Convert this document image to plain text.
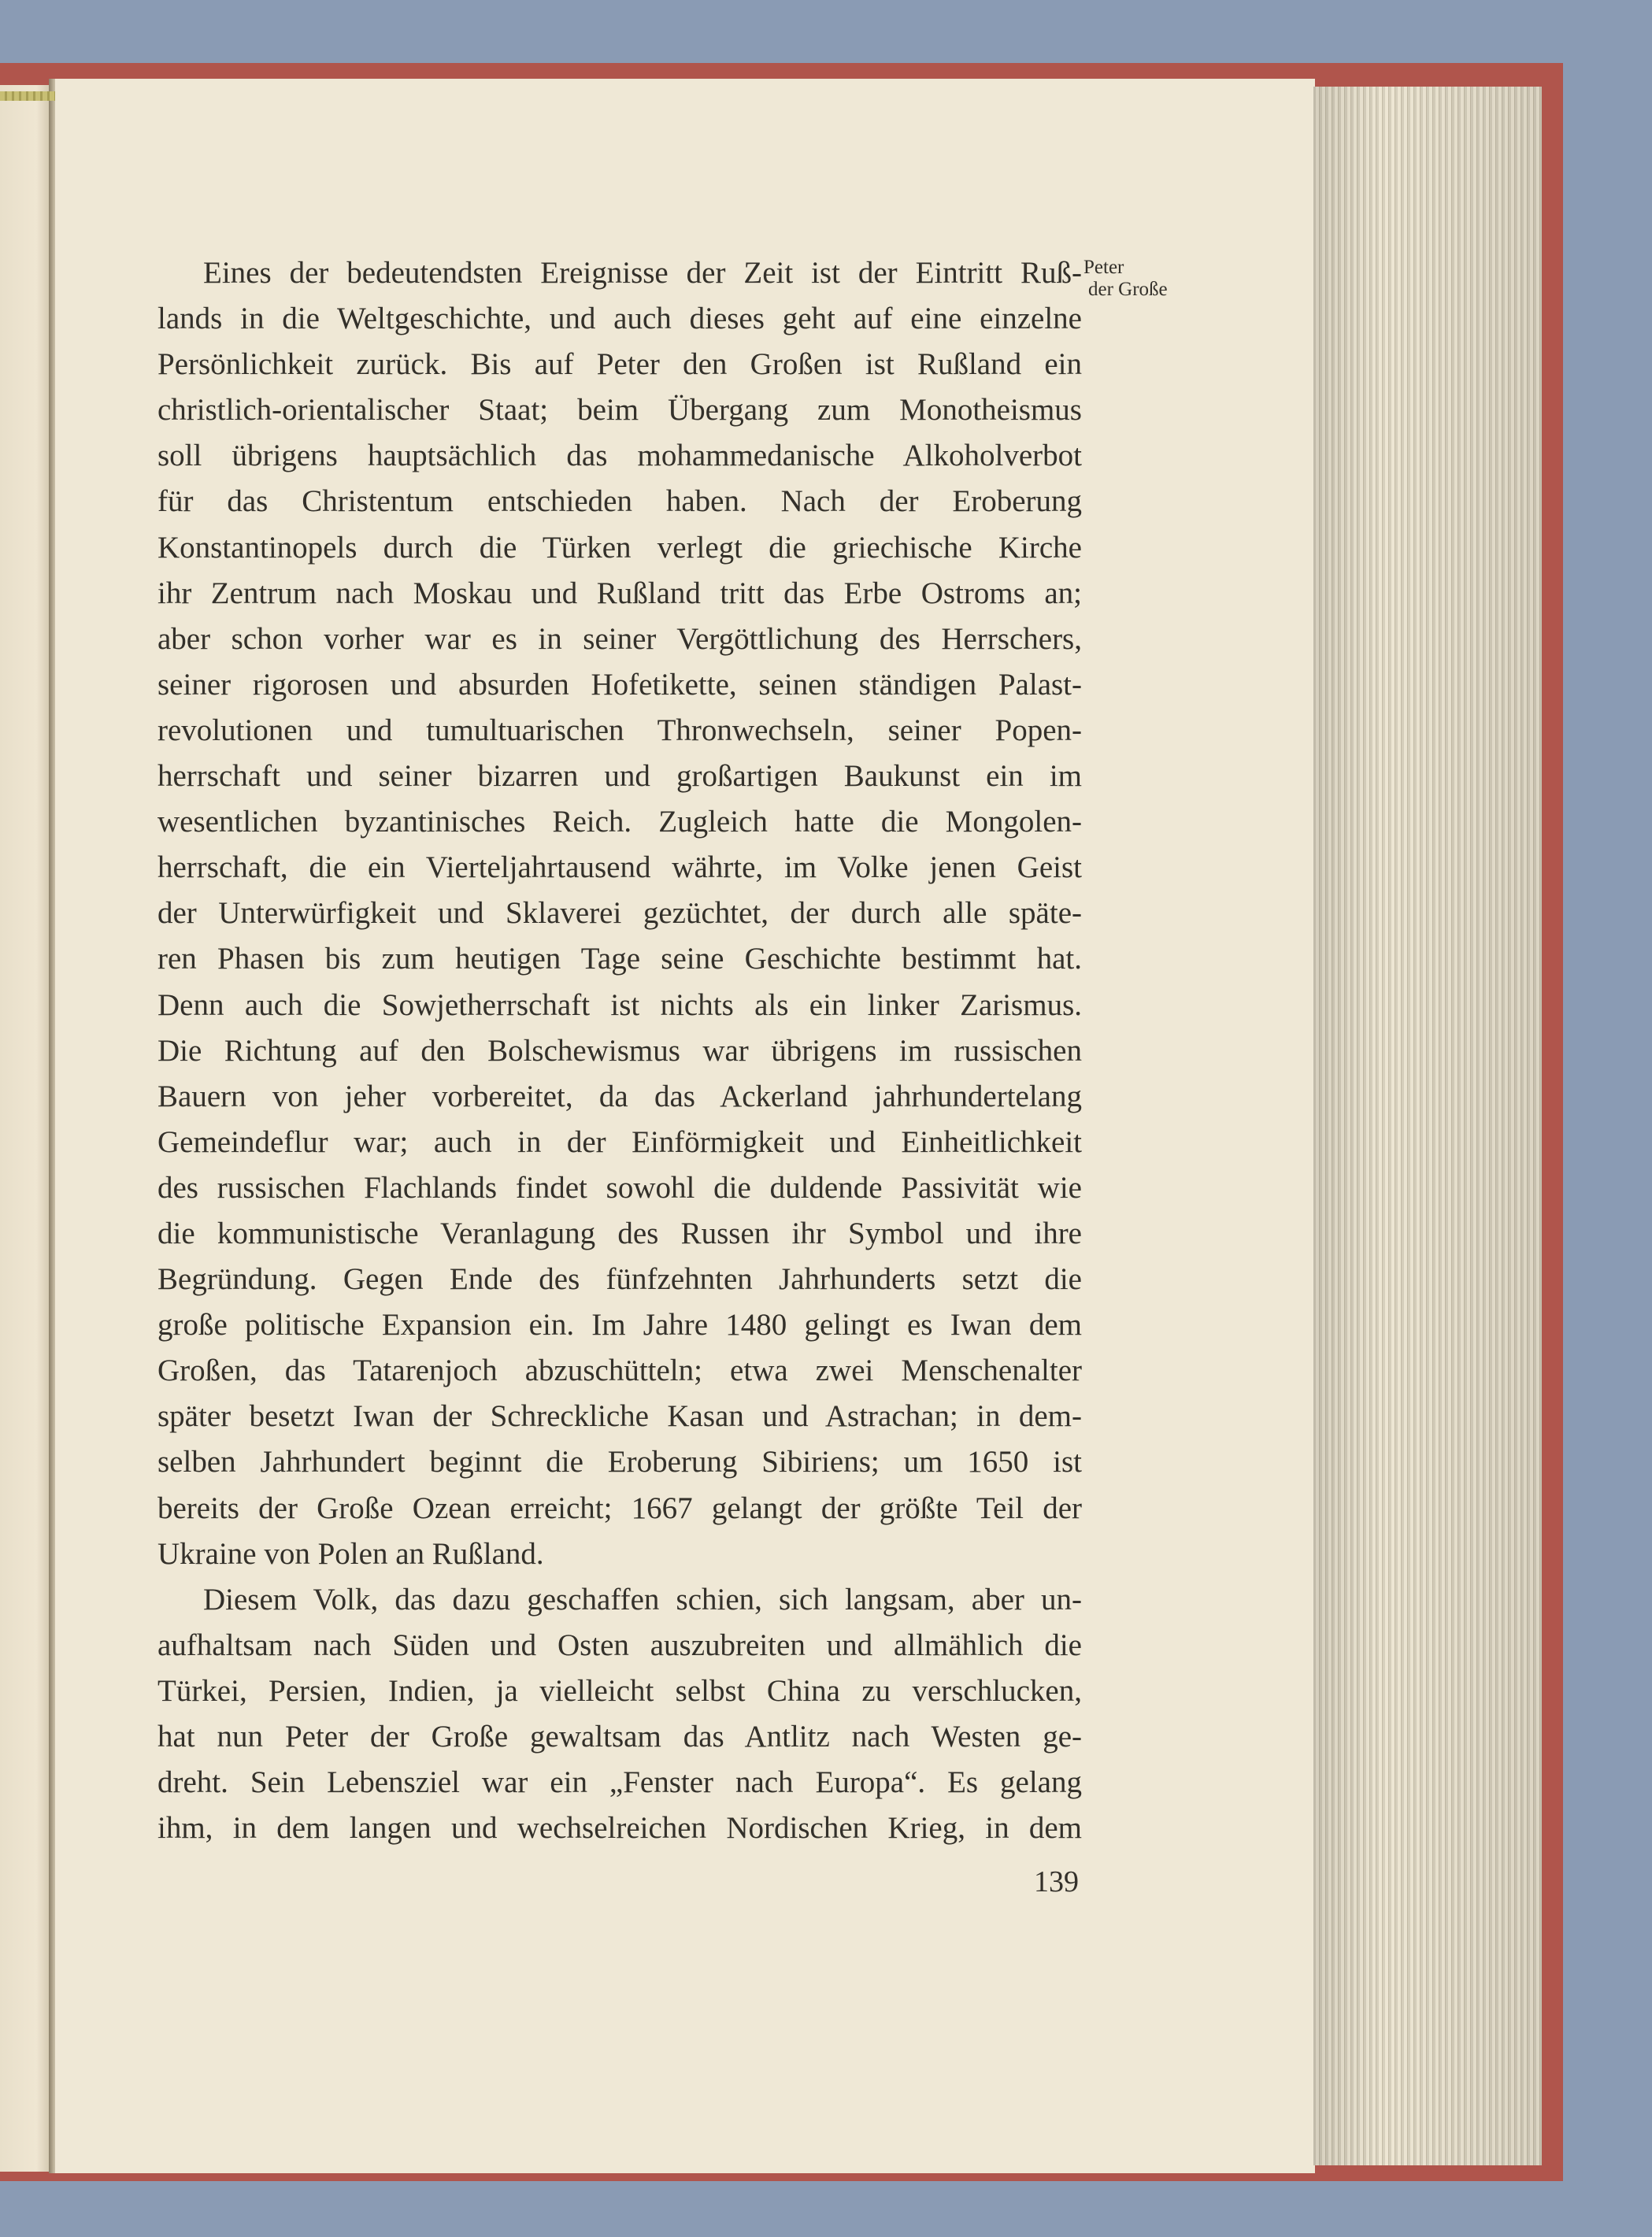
Peter

der Große
Eines der bedeutendsten Ereignisse der Zeit ist der Eintritt Ruß-
lands in die Weltgeschichte, und auch dieses geht auf eine einzelne
Persönlichkeit zurück. Bis auf Peter den Großen ist Rußland ein
christlich-orientalischer Staat; beim Übergang zum Monotheismus
soll übrigens hauptsächlich das mohammedanische Alkoholverbot
für das Christentum entschieden haben. Nach der Eroberung
Konstantinopels durch die Türken verlegt die griechische Kirche
ihr Zentrum nach Moskau und Rußland tritt das Erbe Ostroms an;
aber schon vorher war es in seiner Vergöttlichung des Herrschers,
seiner rigorosen und absurden Hofetikette, seinen ständigen Palast-
revolutionen und tumultuarischen Thronwechseln, seiner Popen-
herrschaft und seiner bizarren und großartigen Baukunst ein im
wesentlichen byzantinisches Reich. Zugleich hatte die Mongolen-
herrschaft, die ein Vierteljahrtausend währte, im Volke jenen Geist
der Unterwürfigkeit und Sklaverei gezüchtet, der durch alle späte-
ren Phasen bis zum heutigen Tage seine Geschichte bestimmt hat.
Denn auch die Sowjetherrschaft ist nichts als ein linker Zarismus.
Die Richtung auf den Bolschewismus war übrigens im russischen
Bauern von jeher vorbereitet, da das Ackerland jahrhundertelang
Gemeindeflur war; auch in der Einförmigkeit und Einheitlichkeit
des russischen Flachlands findet sowohl die duldende Passivität wie
die kommunistische Veranlagung des Russen ihr Symbol und ihre
Begründung. Gegen Ende des fünfzehnten Jahrhunderts setzt die
große politische Expansion ein. Im Jahre 1480 gelingt es Iwan dem
Großen, das Tatarenjoch abzuschütteln; etwa zwei Menschenalter
später besetzt Iwan der Schreckliche Kasan und Astrachan; in dem-
selben Jahrhundert beginnt die Eroberung Sibiriens; um 1650 ist
bereits der Große Ozean erreicht; 1667 gelangt der größte Teil der
Ukraine von Polen an Rußland.
Diesem Volk, das dazu geschaffen schien, sich langsam, aber un-
aufhaltsam nach Süden und Osten auszubreiten und allmählich die
Türkei, Persien, Indien, ja vielleicht selbst China zu verschlucken,
hat nun Peter der Große gewaltsam das Antlitz nach Westen ge-
dreht. Sein Lebensziel war ein „Fenster nach Europa“. Es gelang
ihm, in dem langen und wechselreichen Nordischen Krieg, in dem
139
